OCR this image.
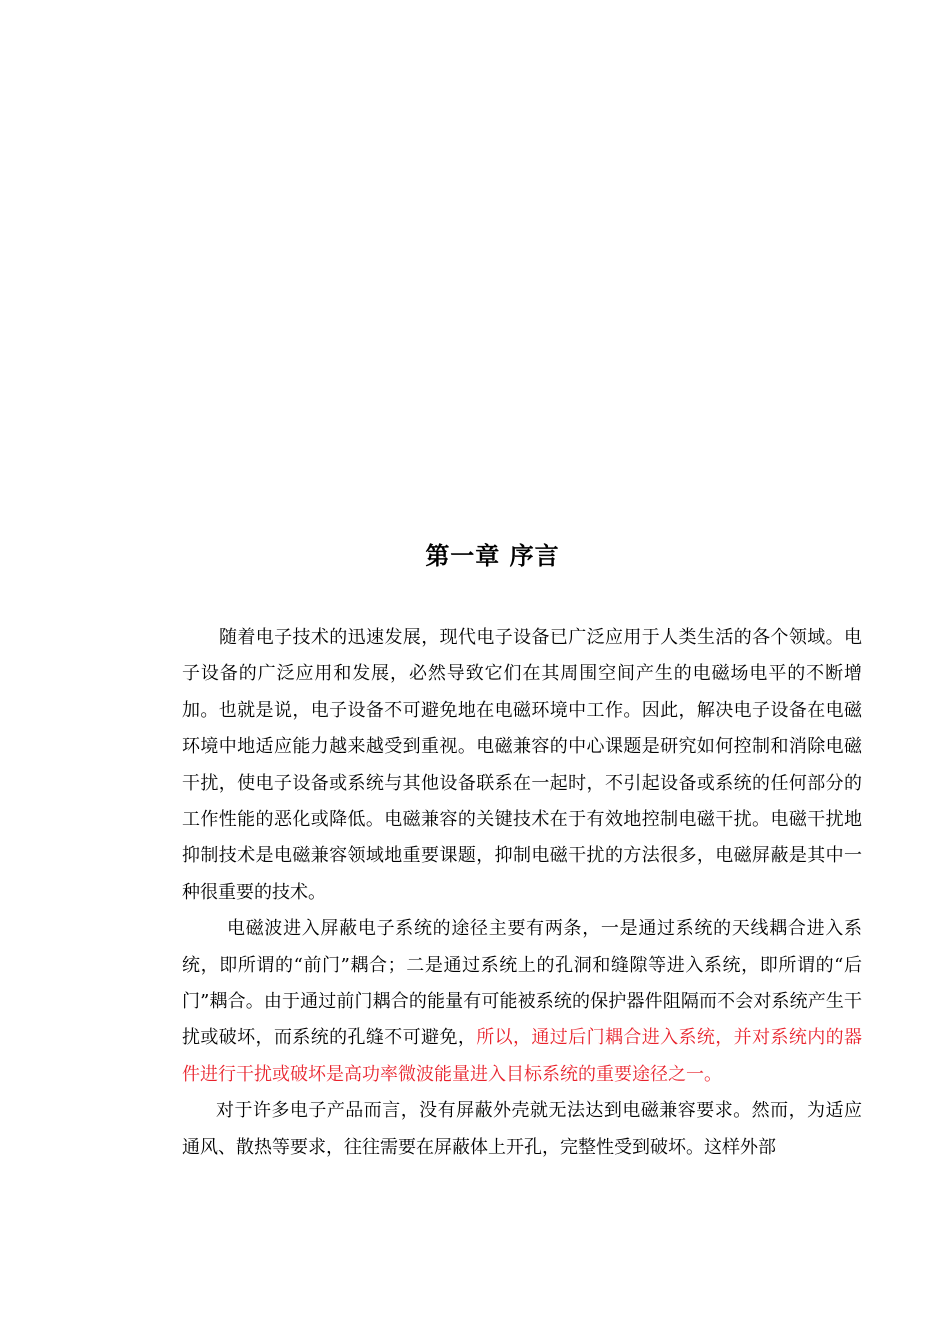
第一章 序言

随着电子技术的迅速发展，现代电子设备已广泛应用于人类生活的各个领域。电子设备的广泛应用和发展，必然导致它们在其周围空间产生的电磁场电平的不断增加。也就是说，电子设备不可避免地在电磁环境中工作。因此，解决电子设备在电磁环境中地适应能力越来越受到重视。电磁兼容的中心课题是研究如何控制和消除电磁干扰，使电子设备或系统与其他设备联系在一起时，不引起设备或系统的任何部分的工作性能的恶化或降低。电磁兼容的关键技术在于有效地控制电磁干扰。电磁干扰地抑制技术是电磁兼容领域地重要课题，抑制电磁干扰的方法很多，电磁屏蔽是其中一种很重要的技术。

电磁波进入屏蔽电子系统的途径主要有两条，一是通过系统的天线耦合进入系统，即所谓的“前门”耦合；二是通过系统上的孔洞和缝隙等进入系统，即所谓的“后门”耦合。由于通过前门耦合的能量有可能被系统的保护器件阻隔而不会对系统产生干扰或破坏，而系统的孔缝不可避免，所以，通过后门耦合进入系统，并对系统内的器件进行干扰或破坏是高功率微波能量进入目标系统的重要途径之一。

对于许多电子产品而言，没有屏蔽外壳就无法达到电磁兼容要求。然而，为适应通风、散热等要求，往往需要在屏蔽体上开孔，完整性受到破坏。这样外部
